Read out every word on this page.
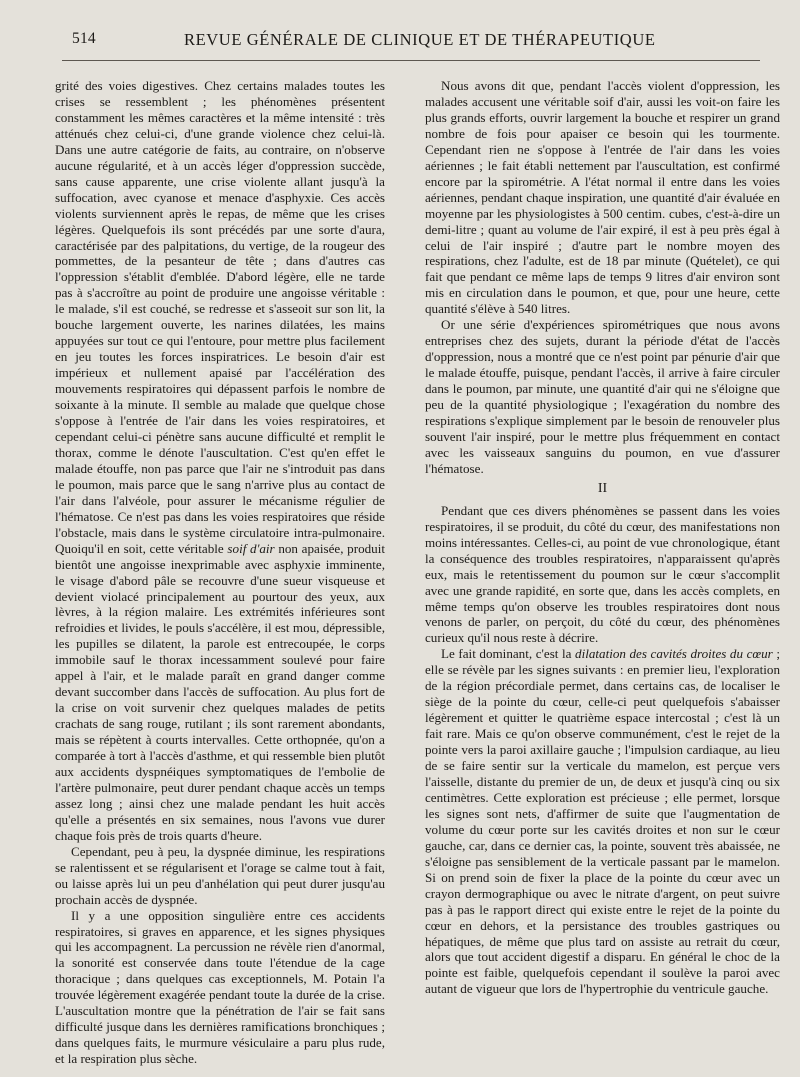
514	REVUE GÉNÉRALE DE CLINIQUE ET DE THÉRAPEUTIQUE

grité des voies digestives. Chez certains malades toutes les crises se ressemblent ; les phénomènes présentent constamment les mêmes caractères et la même intensité : très atténués chez celui-ci, d'une grande violence chez celui-là. Dans une autre catégorie de faits, au contraire, on n'observe aucune régularité, et à un accès léger d'oppression succède, sans cause apparente, une crise violente allant jusqu'à la suffocation, avec cyanose et menace d'asphyxie. Ces accès violents surviennent après le repas, de même que les crises légères. Quelquefois ils sont précédés par une sorte d'aura, caractérisée par des palpitations, du vertige, de la rougeur des pommettes, de la pesanteur de tête ; dans d'autres cas l'oppression s'établit d'emblée. D'abord légère, elle ne tarde pas à s'accroître au point de produire une angoisse véritable : le malade, s'il est couché, se redresse et s'asseoit sur son lit, la bouche largement ouverte, les narines dilatées, les mains appuyées sur tout ce qui l'entoure, pour mettre plus facilement en jeu toutes les forces inspiratrices. Le besoin d'air est impérieux et nullement apaisé par l'accélération des mouvements respiratoires qui dépassent parfois le nombre de soixante à la minute. Il semble au malade que quelque chose s'oppose à l'entrée de l'air dans les voies respiratoires, et cependant celui-ci pénètre sans aucune difficulté et remplit le thorax, comme le dénote l'auscultation. C'est qu'en effet le malade étouffe, non pas parce que l'air ne s'introduit pas dans le poumon, mais parce que le sang n'arrive plus au contact de l'air dans l'alvéole, pour assurer le mécanisme régulier de l'hématose. Ce n'est pas dans les voies respiratoires que réside l'obstacle, mais dans le système circulatoire intra-pulmonaire. Quoiqu'il en soit, cette véritable soif d'air non apaisée, produit bientôt une angoisse inexprimable avec asphyxie imminente, le visage d'abord pâle se recouvre d'une sueur visqueuse et devient violacé principalement au pourtour des yeux, aux lèvres, à la région malaire. Les extrémités inférieures sont refroidies et livides, le pouls s'accélère, il est mou, dépressible, les pupilles se dilatent, la parole est entrecoupée, le corps immobile sauf le thorax incessamment soulevé pour faire appel à l'air, et le malade paraît en grand danger comme devant succomber dans l'accès de suffocation. Au plus fort de la crise on voit survenir chez quelques malades de petits crachats de sang rouge, rutilant ; ils sont rarement abondants, mais se répètent à courts intervalles. Cette orthopnée, qu'on a comparée à tort à l'accès d'asthme, et qui ressemble bien plutôt aux accidents dyspnéiques symptomatiques de l'embolie de l'artère pulmonaire, peut durer pendant chaque accès un temps assez long ; ainsi chez une malade pendant les huit accès qu'elle a présentés en six semaines, nous l'avons vue durer chaque fois près de trois quarts d'heure.

Cependant, peu à peu, la dyspnée diminue, les respirations se ralentissent et se régularisent et l'orage se calme tout à fait, ou laisse après lui un peu d'anhélation qui peut durer jusqu'au prochain accès de dyspnée.

Il y a une opposition singulière entre ces accidents respiratoires, si graves en apparence, et les signes physiques qui les accompagnent. La percussion ne révèle rien d'anormal, la sonorité est conservée dans toute l'étendue de la cage thoracique ; dans quelques cas exceptionnels, M. Potain l'a trouvée légèrement exagérée pendant toute la durée de la crise. L'auscultation montre que la pénétration de l'air se fait sans difficulté jusque dans les dernières ramifications bronchiques ; dans quelques faits, le murmure vésiculaire a paru plus rude, et la respiration plus sèche.

Nous avons dit que, pendant l'accès violent d'oppression, les malades accusent une véritable soif d'air, aussi les voit-on faire les plus grands efforts, ouvrir largement la bouche et respirer un grand nombre de fois pour apaiser ce besoin qui les tourmente. Cependant rien ne s'oppose à l'entrée de l'air dans les voies aériennes ; le fait établi nettement par l'auscultation, est confirmé encore par la spirométrie. A l'état normal il entre dans les voies aériennes, pendant chaque inspiration, une quantité d'air évaluée en moyenne par les physiologistes à 500 centim. cubes, c'est-à-dire un demi-litre ; quant au volume de l'air expiré, il est à peu près égal à celui de l'air inspiré ; d'autre part le nombre moyen des respirations, chez l'adulte, est de 18 par minute (Quételet), ce qui fait que pendant ce même laps de temps 9 litres d'air environ sont mis en circulation dans le poumon, et que, pour une heure, cette quantité s'élève à 540 litres.

Or une série d'expériences spirométriques que nous avons entreprises chez des sujets, durant la période d'état de l'accès d'oppression, nous a montré que ce n'est point par pénurie d'air que le malade étouffe, puisque, pendant l'accès, il arrive à faire circuler dans le poumon, par minute, une quantité d'air qui ne s'éloigne que peu de la quantité physiologique ; l'exagération du nombre des respirations s'explique simplement par le besoin de renouveler plus souvent l'air inspiré, pour le mettre plus fréquemment en contact avec les vaisseaux sanguins du poumon, en vue d'assurer l'hématose.

II

Pendant que ces divers phénomènes se passent dans les voies respiratoires, il se produit, du côté du cœur, des manifestations non moins intéressantes. Celles-ci, au point de vue chronologique, étant la conséquence des troubles respiratoires, n'apparaissent qu'après eux, mais le retentissement du poumon sur le cœur s'accomplit avec une grande rapidité, en sorte que, dans les accès complets, en même temps qu'on observe les troubles respiratoires dont nous venons de parler, on perçoit, du côté du cœur, des phénomènes curieux qu'il nous reste à décrire.

Le fait dominant, c'est la dilatation des cavités droites du cœur ; elle se révèle par les signes suivants : en premier lieu, l'exploration de la région précordiale permet, dans certains cas, de localiser le siège de la pointe du cœur, celle-ci peut quelquefois s'abaisser légèrement et quitter le quatrième espace intercostal ; c'est là un fait rare. Mais ce qu'on observe communément, c'est le rejet de la pointe vers la paroi axillaire gauche ; l'impulsion cardiaque, au lieu de se faire sentir sur la verticale du mamelon, est perçue vers l'aisselle, distante du premier de un, de deux et jusqu'à cinq ou six centimètres. Cette exploration est précieuse ; elle permet, lorsque les signes sont nets, d'affirmer de suite que l'augmentation de volume du cœur porte sur les cavités droites et non sur le cœur gauche, car, dans ce dernier cas, la pointe, souvent très abaissée, ne s'éloigne pas sensiblement de la verticale passant par le mamelon. Si on prend soin de fixer la place de la pointe du cœur avec un crayon dermographique ou avec le nitrate d'argent, on peut suivre pas à pas le rapport direct qui existe entre le rejet de la pointe du cœur en dehors, et la persistance des troubles gastriques ou hépatiques, de même que plus tard on assiste au retrait du cœur, alors que tout accident digestif a disparu. En général le choc de la pointe est faible, quelquefois cependant il soulève la paroi avec autant de vigueur que lors de l'hypertrophie du ventricule gauche.
